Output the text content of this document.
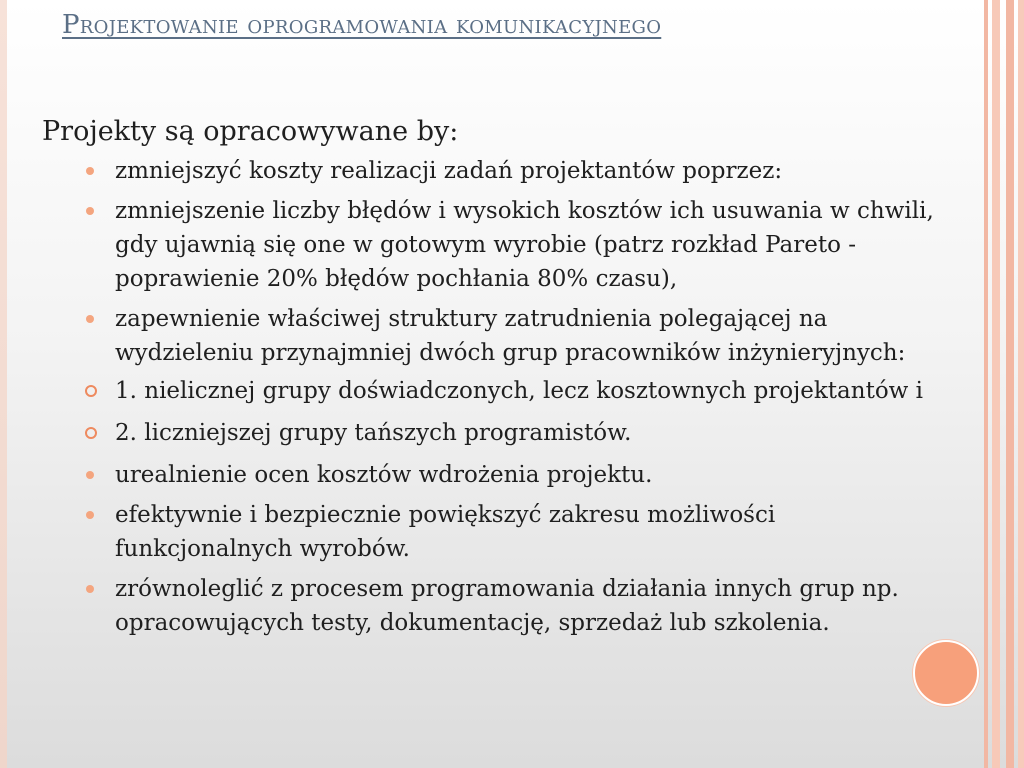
Projektowanie oprogramowania komunikacyjnego
Projekty są opracowywane by:
zmniejszyć koszty realizacji zadań projektantów poprzez:
zmniejszenie liczby błędów i wysokich kosztów ich usuwania w chwili, gdy ujawnią się one w gotowym wyrobie (patrz rozkład Pareto - poprawienie 20% błędów pochłania 80% czasu),
zapewnienie właściwej struktury zatrudnienia polegającej na wydzieleniu przynajmniej dwóch grup pracowników inżynieryjnych:
1. nielicznej grupy doświadczonych, lecz kosztownych projektantów i
2. liczniejszej grupy tańszych programistów.
urealnienie ocen kosztów wdrożenia projektu.
efektywnie i bezpiecznie powiększyć zakresu możliwości funkcjonalnych wyrobów.
zrównoleglić z procesem programowania działania innych grup np. opracowujących testy, dokumentację, sprzedaż lub szkolenia.
